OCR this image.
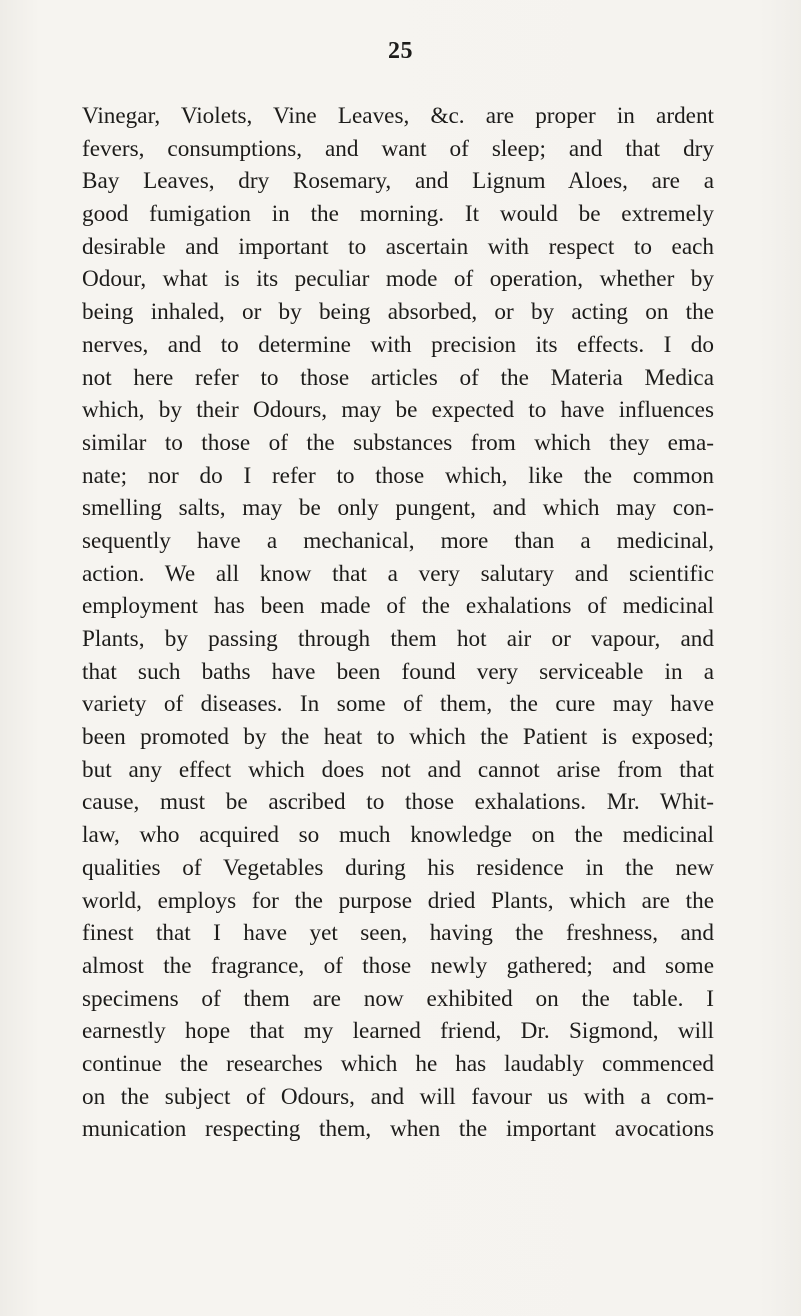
25
Vinegar, Violets, Vine Leaves, &c. are proper in ardent
fevers, consumptions, and want of sleep; and that dry
Bay Leaves, dry Rosemary, and Lignum Aloes, are a
good fumigation in the morning. It would be extremely
desirable and important to ascertain with respect to each
Odour, what is its peculiar mode of operation, whether by
being inhaled, or by being absorbed, or by acting on the
nerves, and to determine with precision its effects. I do
not here refer to those articles of the Materia Medica
which, by their Odours, may be expected to have influences
similar to those of the substances from which they ema-
nate; nor do I refer to those which, like the common
smelling salts, may be only pungent, and which may con-
sequently have a mechanical, more than a medicinal,
action. We all know that a very salutary and scientific
employment has been made of the exhalations of medicinal
Plants, by passing through them hot air or vapour, and
that such baths have been found very serviceable in a
variety of diseases. In some of them, the cure may have
been promoted by the heat to which the Patient is exposed;
but any effect which does not and cannot arise from that
cause, must be ascribed to those exhalations. Mr. Whit-
law, who acquired so much knowledge on the medicinal
qualities of Vegetables during his residence in the new
world, employs for the purpose dried Plants, which are the
finest that I have yet seen, having the freshness, and
almost the fragrance, of those newly gathered; and some
specimens of them are now exhibited on the table. I
earnestly hope that my learned friend, Dr. Sigmond, will
continue the researches which he has laudably commenced
on the subject of Odours, and will favour us with a com-
munication respecting them, when the important avocations
